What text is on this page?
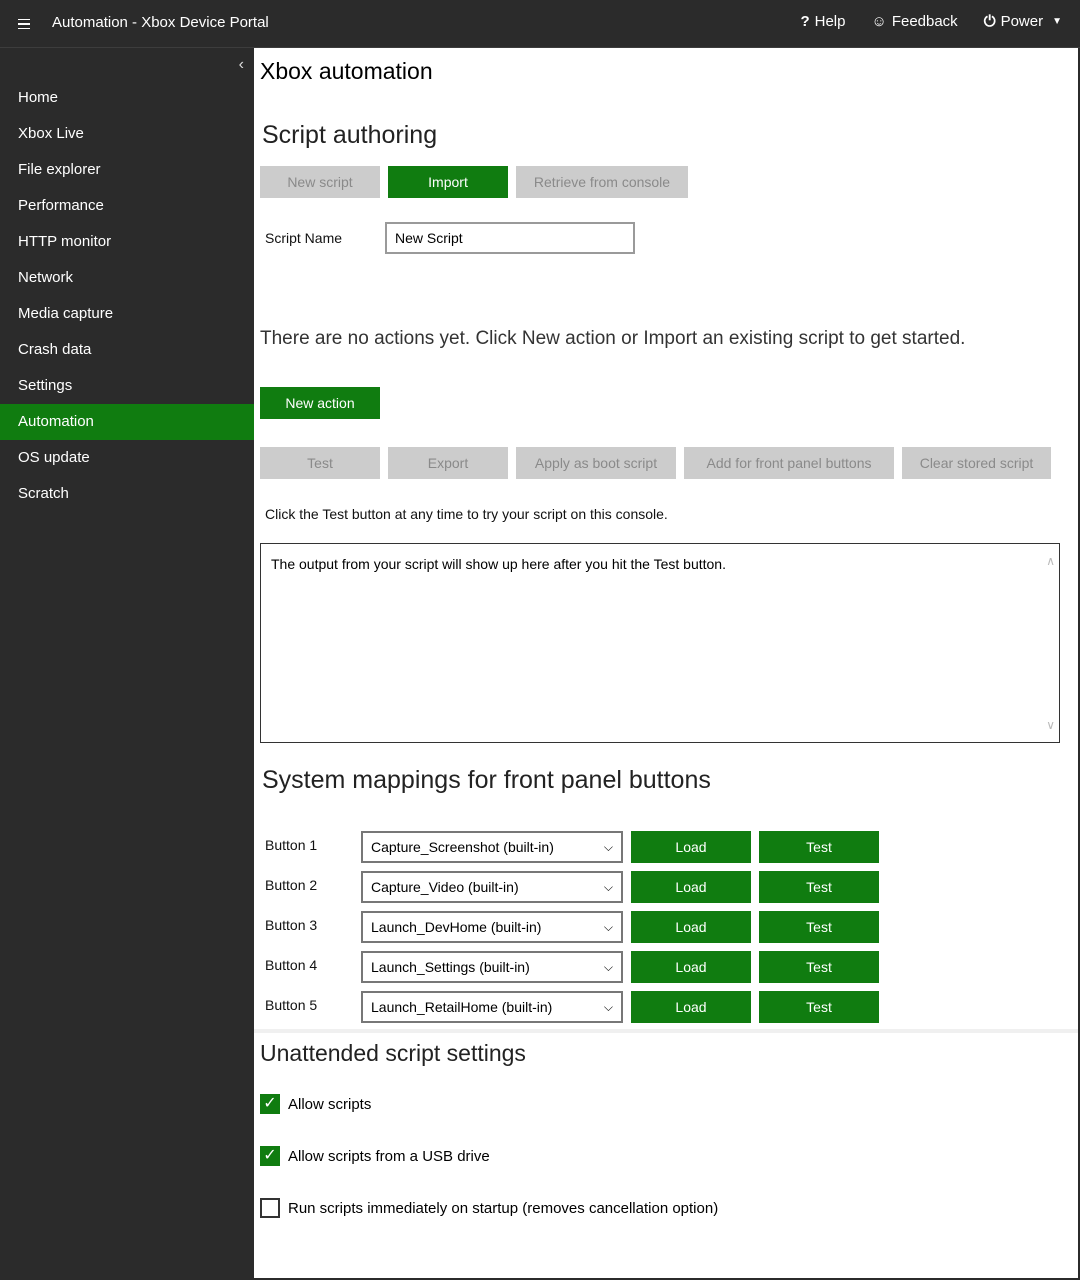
Automation - Xbox Device Portal	? Help ☺ Feedback ⏻ Power ▼
‹
Home
Xbox Live
File explorer
Performance
HTTP monitor
Network
Media capture
Crash data
Settings
Automation
OS update
Scratch
Xbox automation
Script authoring
New script	Import	Retrieve from console
Script Name
New Script
There are no actions yet. Click New action or Import an existing script to get started.
New action
Test	Export	Apply as boot script	Add for front panel buttons	Clear stored script
Click the Test button at any time to try your script on this console.
The output from your script will show up here after you hit the Test button.	∧
∨
System mappings for front panel buttons
Button 1	Capture_Screenshot (built-in)	⌵	Load	Test
Button 2	Capture_Video (built-in)	⌵	Load	Test
Button 3	Launch_DevHome (built-in)	⌵	Load	Test
Button 4	Launch_Settings (built-in)	⌵	Load	Test
Button 5	Launch_RetailHome (built-in)	⌵	Load	Test
Unattended script settings
✓ Allow scripts
✓ Allow scripts from a USB drive
Run scripts immediately on startup (removes cancellation option)
